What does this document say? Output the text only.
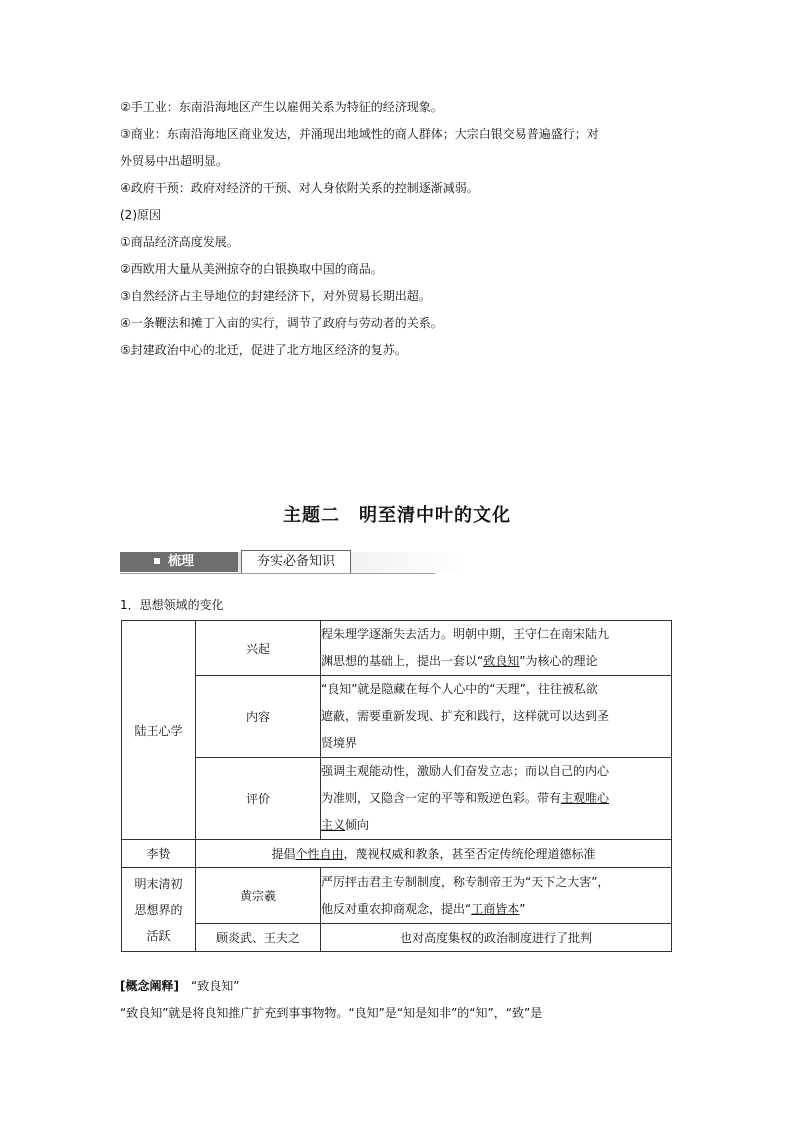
②手工业：东南沿海地区产生以雇佣关系为特征的经济现象。
③商业：东南沿海地区商业发达，并涌现出地域性的商人群体；大宗白银交易普遍盛行；对
外贸易中出超明显。
④政府干预：政府对经济的干预、对人身依附关系的控制逐渐减弱。
(2)原因
①商品经济高度发展。
②西欧用大量从美洲掠夺的白银换取中国的商品。
③自然经济占主导地位的封建经济下，对外贸易长期出超。
④一条鞭法和摊丁入亩的实行，调节了政府与劳动者的关系。
⑤封建政治中心的北迁，促进了北方地区经济的复苏。
主题二　明至清中叶的文化
梳理	夯实必备知识
1．思想领域的变化
陆王心学	兴起	程朱理学逐渐失去活力。明朝中期，王守仁在南宋陆九
渊思想的基础上，提出一套以“致良知”为核心的理论
	内容	“良知”就是隐藏在每个人心中的“天理”，往往被私欲
遮蔽，需要重新发现、扩充和践行，这样就可以达到圣
贤境界
	评价	强调主观能动性，激励人们奋发立志；而以自己的内心
为准则，又隐含一定的平等和叛逆色彩。带有主观唯心
主义倾向
李贽	提倡个性自由，蔑视权威和教条，甚至否定传统伦理道德标准	
明末清初
思想界的
活跃	黄宗羲	严厉抨击君主专制制度，称专制帝王为“天下之大害”，
他反对重农抑商观念，提出“工商皆本”
	顾炎武、王夫之	也对高度集权的政治制度进行了批判
[概念阐释]　 “致良知”
“致良知”就是将良知推广扩充到事事物物。“良知”是“知是知非”的“知”，“致”是
